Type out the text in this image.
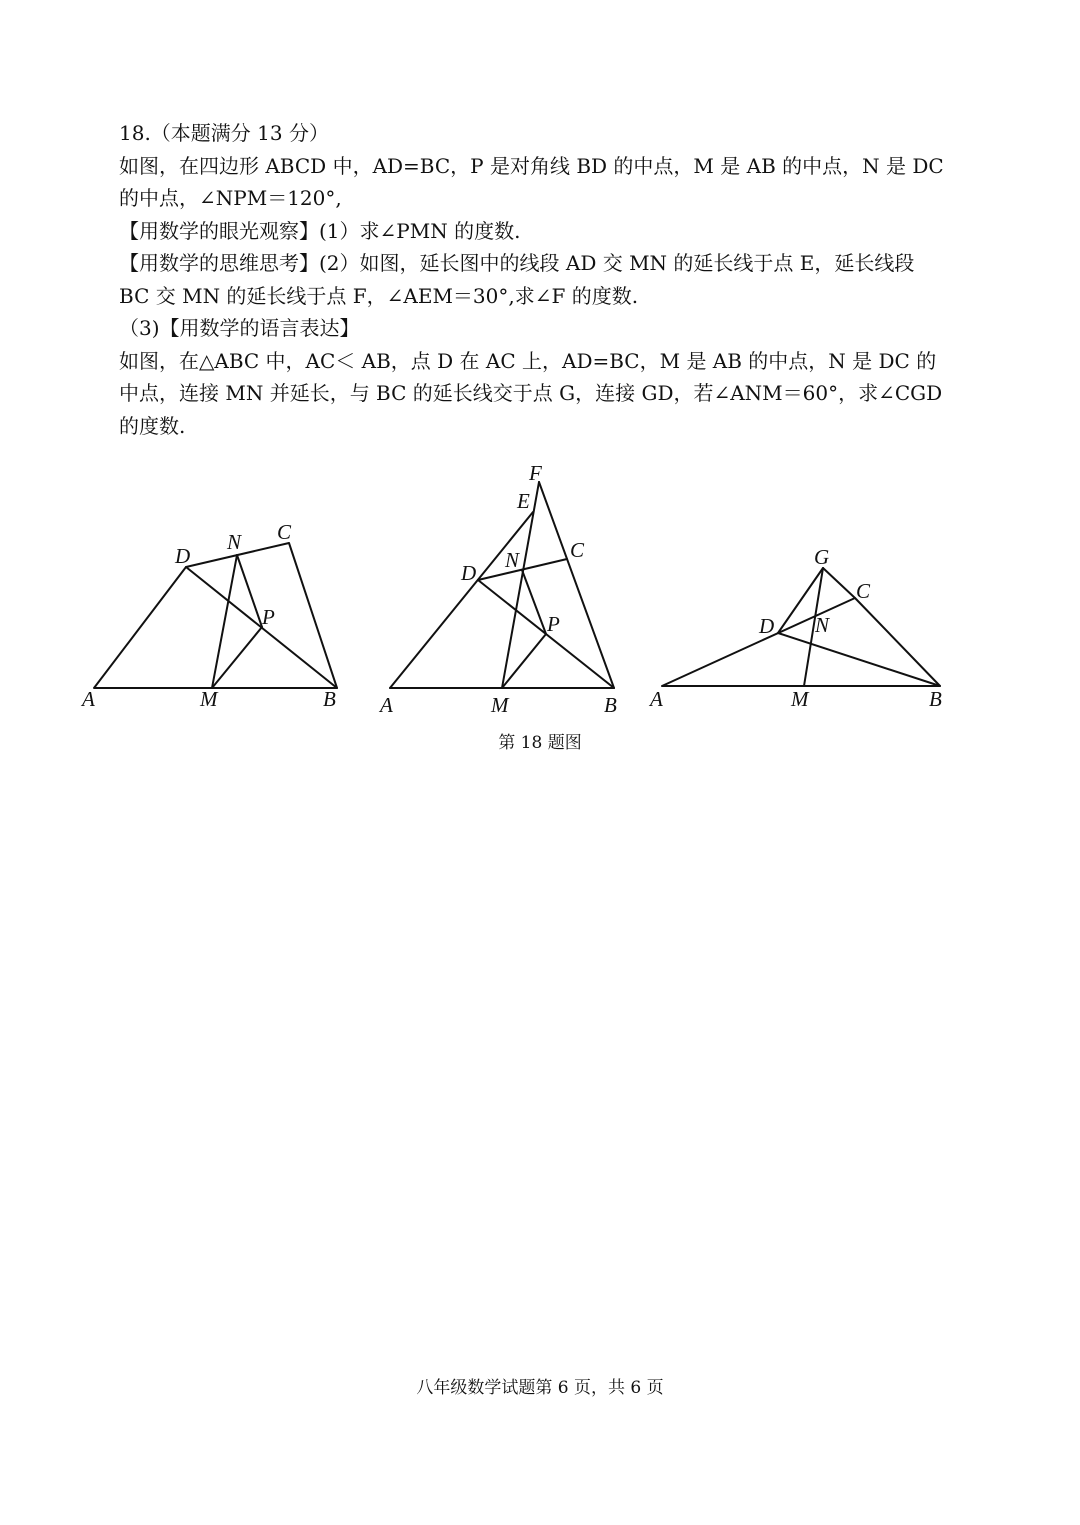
18.（本题满分 13 分）
如图，在四边形 ABCD 中，AD=BC，P 是对角线 BD 的中点，M 是 AB 的中点，N 是 DC
的中点，∠NPM＝120°,
【用数学的眼光观察】(1）求∠PMN 的度数.
【用数学的思维思考】(2）如图，延长图中的线段 AD 交 MN 的延长线于点 E，延长线段
BC 交 MN 的延长线于点 F，∠AEM＝30°,求∠F 的度数.
（3)【用数学的语言表达】
如图，在△ABC 中，AC＜ AB，点 D 在 AC 上，AD=BC，M 是 AB 的中点，N 是 DC 的
中点，连接 MN 并延长，与 BC 的延长线交于点 G，连接 GD，若∠ANM＝60°，求∠CGD
的度数.
A	M	B
D
N C
P
A	M	B
D
N C
P
E
F
A	M	B
D N
C
G
第 18 题图
八年级数学试题第 6 页，共 6 页
